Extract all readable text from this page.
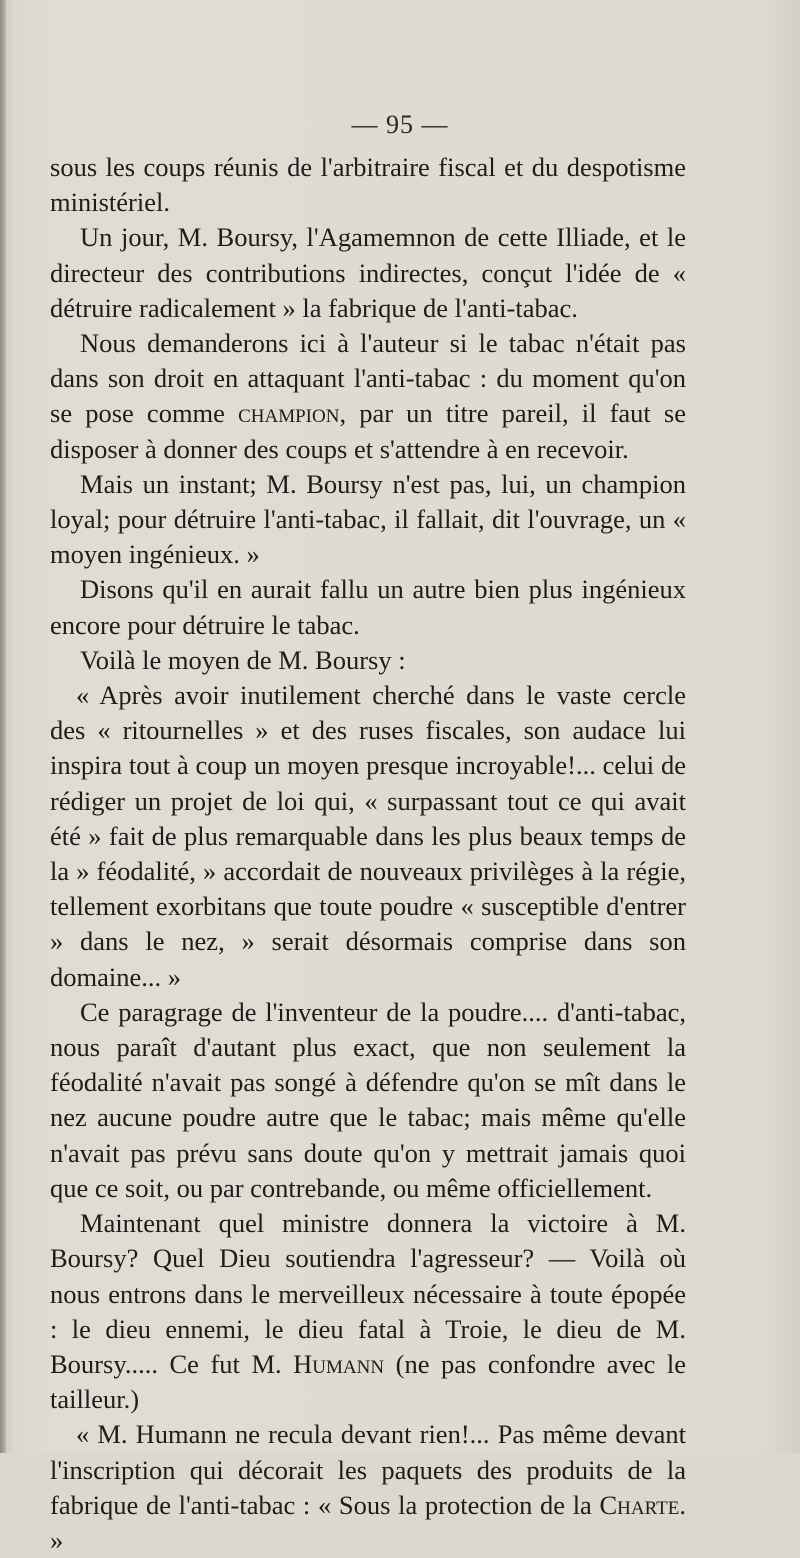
— 95 —

sous les coups réunis de l'arbitraire fiscal et du despotisme ministériel.

Un jour, M. Boursy, l'Agamemnon de cette Illiade, et le directeur des contributions indirectes, conçut l'idée de « détruire radicalement » la fabrique de l'anti-tabac.

Nous demanderons ici à l'auteur si le tabac n'était pas dans son droit en attaquant l'anti-tabac : du moment qu'on se pose comme champion, par un titre pareil, il faut se disposer à donner des coups et s'attendre à en recevoir.

Mais un instant; M. Boursy n'est pas, lui, un champion loyal; pour détruire l'anti-tabac, il fallait, dit l'ouvrage, un « moyen ingénieux. »

Disons qu'il en aurait fallu un autre bien plus ingénieux encore pour détruire le tabac.

Voilà le moyen de M. Boursy :

« Après avoir inutilement cherché dans le vaste cercle des « ritournelles » et des ruses fiscales, son audace lui inspira tout à coup un moyen presque incroyable!... celui de rédiger un projet de loi qui, « surpassant tout ce qui avait été » fait de plus remarquable dans les plus beaux temps de la » féodalité, » accordait de nouveaux privilèges à la régie, tellement exorbitans que toute poudre « susceptible d'entrer » dans le nez, » serait désormais comprise dans son domaine... »

Ce paragrage de l'inventeur de la poudre.... d'anti-tabac, nous paraît d'autant plus exact, que non seulement la féodalité n'avait pas songé à défendre qu'on se mît dans le nez aucune poudre autre que le tabac; mais même qu'elle n'avait pas prévu sans doute qu'on y mettrait jamais quoi que ce soit, ou par contrebande, ou même officiellement.

Maintenant quel ministre donnera la victoire à M. Boursy? Quel Dieu soutiendra l'agresseur? — Voilà où nous entrons dans le merveilleux nécessaire à toute épopée : le dieu ennemi, le dieu fatal à Troie, le dieu de M. Boursy..... Ce fut M. Humann (ne pas confondre avec le tailleur.)

« M. Humann ne recula devant rien!... Pas même devant l'inscription qui décorait les paquets des produits de la fabrique de l'anti-tabac : « Sous la protection de la Charte. »
